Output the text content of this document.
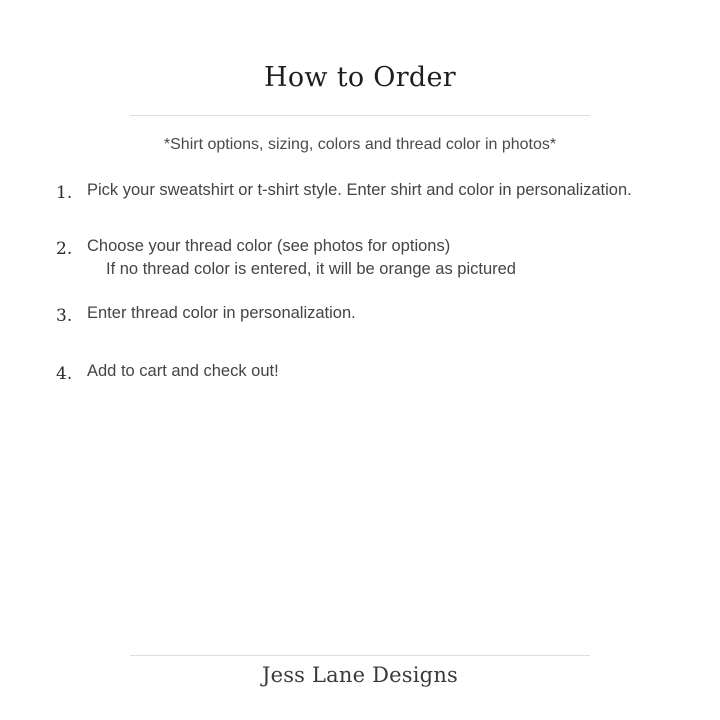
How to Order
*Shirt options, sizing, colors and thread color in photos*
1. Pick your sweatshirt or t-shirt style. Enter shirt and color in personalization.
2. Choose your thread color (see photos for options)
If no thread color is entered, it will be orange as pictured
3. Enter thread color in personalization.
4. Add to cart and check out!
Jess Lane Designs
